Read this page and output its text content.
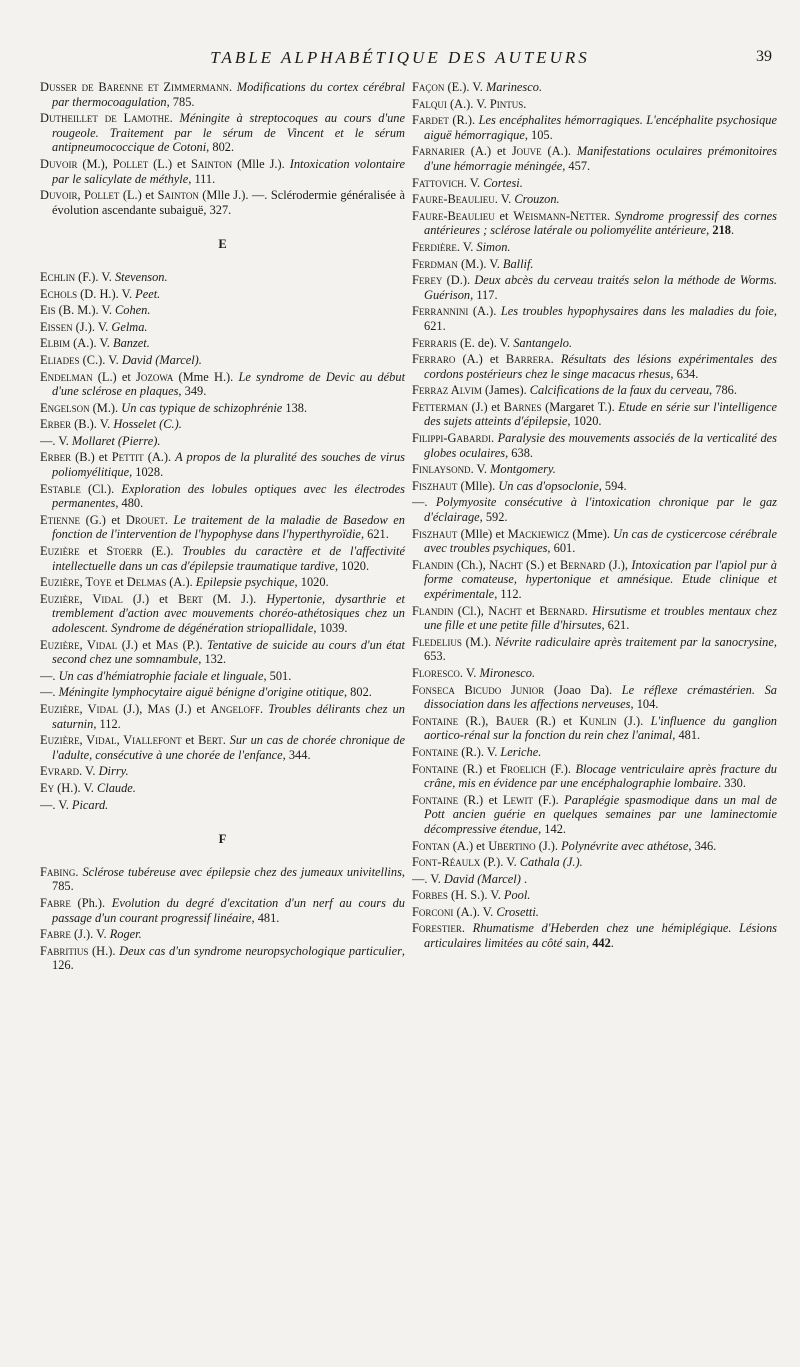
TABLE ALPHABÉTIQUE DES AUTEURS	39
Dusser de Barenne et Zimmermann. Modifications du cortex cérébral par thermocoagulation, 785.
Dutheillet de Lamothe. Méningite à streptocoques au cours d'une rougeole. Traitement par le sérum de Vincent et le sérum antipneumococcique de Cotoni, 802.
Duvoir (M.), Pollet (L.) et Sainton (Mlle J.). Intoxication volontaire par le salicylate de méthyle, 111.
Duvoir, Pollet (L.) et Sainton (Mlle J.). —. Sclérodermie généralisée à évolution ascendante subaiguë, 327.
E
Echlin (F.). V. Stevenson.
Echols (D. H.). V. Peet.
Eis (B. M.). V. Cohen.
Eissen (J.). V. Gelma.
Elbim (A.). V. Banzet.
Eliades (C.). V. David (Marcel).
Endelman (L.) et Jozowa (Mme H.). Le syndrome de Devic au début d'une sclérose en plaques, 349.
Engelson (M.). Un cas typique de schizophrénie 138.
Erber (B.). V. Hosselet (C.).
—. V. Mollaret (Pierre).
Erber (B.) et Pettit (A.). A propos de la pluralité des souches de virus poliomyélitique, 1028.
Estable (Cl.). Exploration des lobules optiques avec les électrodes permanentes, 480.
Etienne (G.) et Drouet. Le traitement de la maladie de Basedow en fonction de l'intervention de l'hypophyse dans l'hyperthyroïdie, 621.
Euzière et Stoerr (E.). Troubles du caractère et de l'affectivité intellectuelle dans un cas d'épilepsie traumatique tardive, 1020.
Euzière, Toye et Delmas (A.). Epilepsie psychique, 1020.
Euzière, Vidal (J.) et Bert (M. J.). Hypertonie, dysarthrie et tremblement d'action avec mouvements choréo-athétosiques chez un adolescent. Syndrome de dégénération striopallidale, 1039.
Euzière, Vidal (J.) et Mas (P.). Tentative de suicide au cours d'un état second chez une somnambule, 132.
—. Un cas d'hémiatrophie faciale et linguale, 501.
—. Méningite lymphocytaire aiguë bénigne d'origine otitique, 802.
Euzière, Vidal (J.), Mas (J.) et Angeloff. Troubles délirants chez un saturnin, 112.
Euzière, Vidal, Viallefont et Bert. Sur un cas de chorée chronique de l'adulte, consécutive à une chorée de l'enfance, 344.
Evrard. V. Dirry.
Ey (H.). V. Claude.
—. V. Picard.
F
Fabing. Sclérose tubéreuse avec épilepsie chez des jumeaux univitellins, 785.
Fabre (Ph.). Evolution du degré d'excitation d'un nerf au cours du passage d'un courant progressif linéaire, 481.
Fabre (J.). V. Roger.
Fabritius (H.). Deux cas d'un syndrome neuropsychologique particulier, 126.
Façon (E.). V. Marinesco.
Falqui (A.). V. Pintus.
Fardet (R.). Les encéphalites hémorragiques. L'encéphalite psychosique aiguë hémorragique, 105.
Farnarier (A.) et Jouve (A.). Manifestations oculaires prémonitoires d'une hémorragie méningée, 457.
Fattovich. V. Cortesi.
Faure-Beaulieu. V. Crouzon.
Faure-Beaulieu et Weismann-Netter. Syndrome progressif des cornes antérieures ; sclérose latérale ou poliomyélite antérieure, 218.
Ferdière. V. Simon.
Ferdman (M.). V. Ballif.
Ferey (D.). Deux abcès du cerveau traités selon la méthode de Worms. Guérison, 117.
Ferrannini (A.). Les troubles hypophysaires dans les maladies du foie, 621.
Ferraris (E. de). V. Santangelo.
Ferraro (A.) et Barrera. Résultats des lésions expérimentales des cordons postérieurs chez le singe macacus rhesus, 634.
Ferraz Alvim (James). Calcifications de la faux du cerveau, 786.
Fetterman (J.) et Barnes (Margaret T.). Etude en série sur l'intelligence des sujets atteints d'épilepsie, 1020.
Filippi-Gabardi. Paralysie des mouvements associés de la verticalité des globes oculaires, 638.
Finlaysond. V. Montgomery.
Fiszhaut (Mlle). Un cas d'opsoclonie, 594.
—. Polymyosite consécutive à l'intoxication chronique par le gaz d'éclairage, 592.
Fiszhaut (Mlle) et Mackiewicz (Mme). Un cas de cysticercose cérébrale avec troubles psychiques, 601.
Flandin (Ch.), Nacht (S.) et Bernard (J.), Intoxication par l'apiol pur à forme comateuse, hypertonique et amnésique. Etude clinique et expérimentale, 112.
Flandin (Cl.), Nacht et Bernard. Hirsutisme et troubles mentaux chez une fille et une petite fille d'hirsutes, 621.
Fledelius (M.). Névrite radiculaire après traitement par la sanocrysine, 653.
Floresco. V. Mironesco.
Fonseca Bicudo Junior (Joao Da). Le réflexe crémastérien. Sa dissociation dans les affections nerveuses, 104.
Fontaine (R.), Bauer (R.) et Kunlin (J.). L'influence du ganglion aortico-rénal sur la fonction du rein chez l'animal, 481.
Fontaine (R.). V. Leriche.
Fontaine (R.) et Froelich (F.). Blocage ventriculaire après fracture du crâne, mis en évidence par une encéphalographie lombaire. 330.
Fontaine (R.) et Lewit (F.). Paraplégie spasmodique dans un mal de Pott ancien guérie en quelques semaines par une laminectomie décompressive étendue, 142.
Fontan (A.) et Ubertino (J.). Polynévrite avec athétose, 346.
Font-Réaulx (P.). V. Cathala (J.).
—. V. David (Marcel) .
Forbes (H. S.). V. Pool.
Forconi (A.). V. Crosetti.
Forestier. Rhumatisme d'Heberden chez une hémiplégique. Lésions articulaires limitées au côté sain, 442.
